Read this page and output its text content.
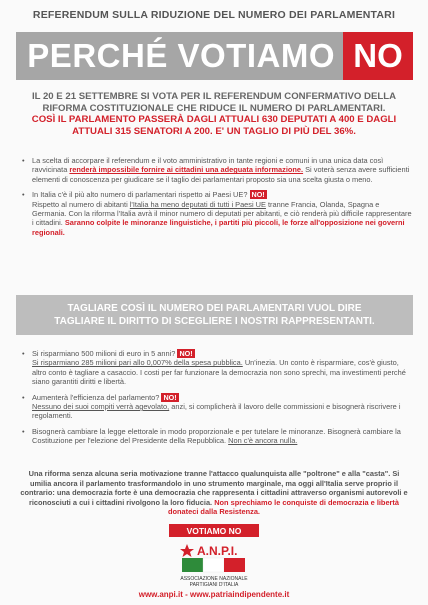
REFERENDUM SULLA RIDUZIONE DEL NUMERO DEI PARLAMENTARI
PERCHÉ VOTIAMO NO
IL 20 E 21 SETTEMBRE SI VOTA PER IL REFERENDUM CONFERMATIVO DELLA
RIFORMA COSTITUZIONALE CHE RIDUCE IL NUMERO DI PARLAMENTARI.
COSÌ IL PARLAMENTO PASSERÀ DAGLI ATTUALI 630 DEPUTATI A 400 E DAGLI
ATTUALI 315 SENATORI A 200. E' UN TAGLIO DI PIÙ DEL 36%.
• La scelta di accorpare il referendum e il voto amministrativo in tante regioni e comuni in una unica data così ravvicinata renderà impossibile fornire ai cittadini una adeguata informazione. Si voterà senza avere sufficienti elementi di conoscenza per giudicare se il taglio dei parlamentari proposto sia una scelta giusta o meno.
• In Italia c'è il più alto numero di parlamentari rispetto ai Paesi UE? NO!
Rispetto al numero di abitanti l'Italia ha meno deputati di tutti i Paesi UE tranne Francia, Olanda, Spagna e Germania. Con la riforma l'Italia avrà il minor numero di deputati per abitanti, e ciò renderà più difficile rappresentare i cittadini. Saranno colpite le minoranze linguistiche, i partiti più piccoli, le forze all'opposizione nei governi regionali.
TAGLIARE COSÌ IL NUMERO DEI PARLAMENTARI VUOL DIRE
TAGLIARE IL DIRITTO DI SCEGLIERE I NOSTRI RAPPRESENTANTI.
• Si risparmiano 500 milioni di euro in 5 anni? NO!
Si risparmiano 285 milioni pari allo 0,007% della spesa pubblica. Un'inezia. Un conto è risparmiare, cos'è giusto, altro conto è tagliare a casaccio. I costi per far funzionare la democrazia non sono sprechi, ma investimenti perché siano garantiti diritti e libertà.
• Aumenterà l'efficienza del parlamento? NO!
Nessuno dei suoi compiti verrà agevolato, anzi, si complicherà il lavoro delle commissioni e bisognerà riscrivere i regolamenti.
• Bisognerà cambiare la legge elettorale in modo proporzionale e per tutelare le minoranze. Bisognerà cambiare la Costituzione per l'elezione del Presidente della Repubblica. Non c'è ancora nulla.
Una riforma senza alcuna seria motivazione tranne l'attacco qualunquista alle "poltrone" e alla "casta". Si umilia ancora il parlamento trasformandolo in uno strumento marginale, ma oggi all'Italia serve proprio il contrario: una democrazia forte è una democrazia che rappresenta i cittadini attraverso organismi autorevoli e riconosciuti a cui i cittadini rivolgono la loro fiducia. Non sprechiamo le conquiste di democrazia e libertà donateci dalla Resistenza.
VOTIAMO NO
A.N.P.I.
ASSOCIAZIONE NAZIONALE
PARTIGIANI D'ITALIA
www.anpi.it - www.patriaindipendente.it
